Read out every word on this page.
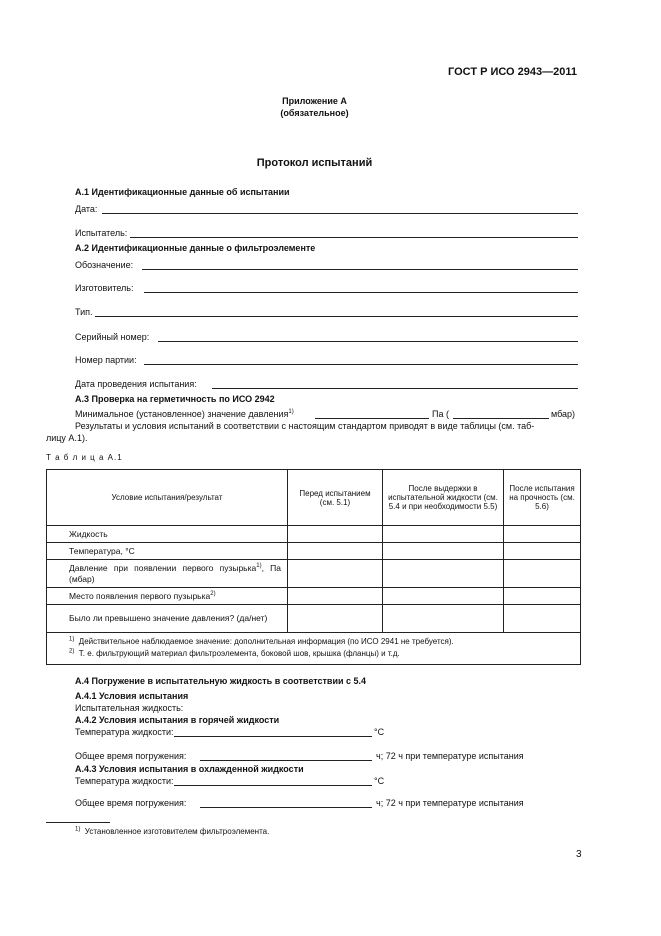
ГОСТ Р ИСО 2943—2011
Приложение А
(обязательное)
Протокол испытаний
А.1 Идентификационные данные об испытании
Дата:
Испытатель:
А.2 Идентификационные данные о фильтроэлементе
Обозначение:
Изготовитель:
Тип.
Серийный номер:
Номер партии:
Дата проведения испытания:
А.3 Проверка на герметичность по ИСО 2942
Минимальное (установленное) значение давления$^{1)}$	Па (	мбар)
Результаты и условия испытаний в соответствии с настоящим стандартом приводят в виде таблицы (см. таб-
лицу А.1).
Т а б л и ц а А.1
Условие испытания/результат	Перед испытанием (см. 5.1)	После выдержки в испытательной жидкости (см. 5.4 и при необходимости 5.5)	После испытания на прочность (см. 5.6)
Жидкость			
Температура, °С			
Давление при появлении первого пузырька$^{1)}$, Па (мбар)			
Место появления первого пузырька$^{2)}$			
Было ли превышено значение давления? (да/нет)			

$^{1)}$ Действительное наблюдаемое значение: дополнительная информация (по ИСО 2941 не требуется).
$^{2)}$ Т. е. фильтрующий материал фильтроэлемента, боковой шов, крышка (фланцы) и т.д.			
А.4 Погружение в испытательную жидкость в соответствии с 5.4
А.4.1 Условия испытания
Испытательная жидкость:
А.4.2 Условия испытания в горячей жидкости
Температура жидкости:	°С
Общее время погружения:	ч; 72 ч при температуре испытания
А.4.3 Условия испытания в охлажденной жидкости
Температура жидкости:	°С
Общее время погружения:	ч; 72 ч при температуре испытания
$^{1)}$ Установленное изготовителем фильтроэлемента.
3
